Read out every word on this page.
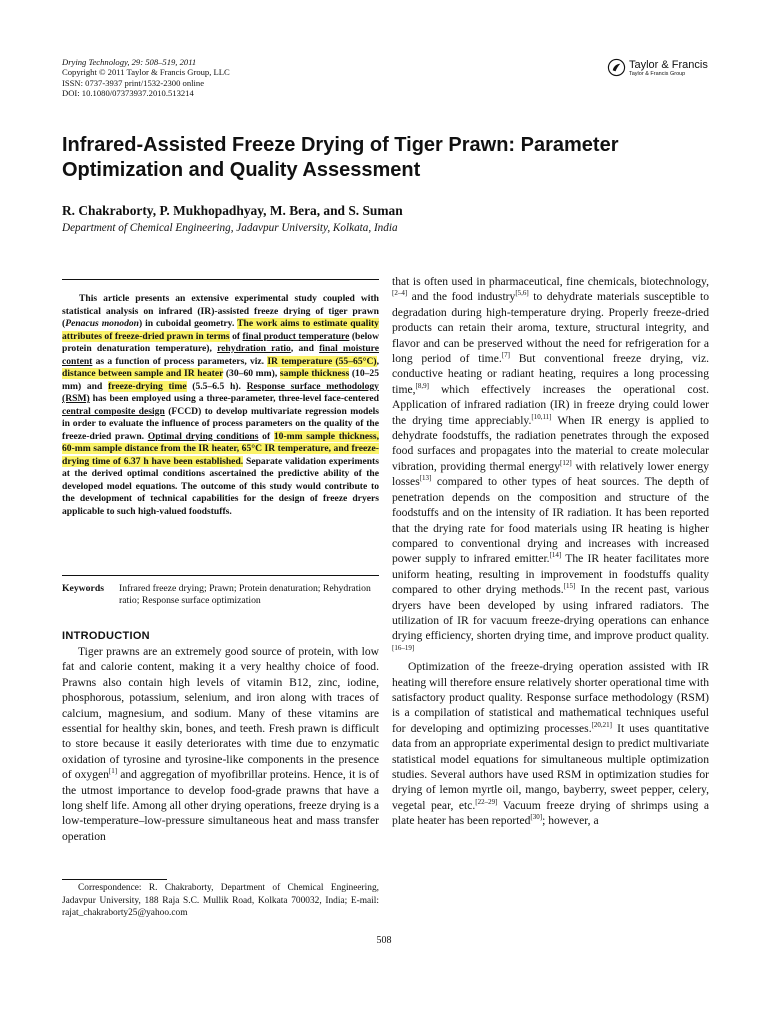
Drying Technology, 29: 508–519, 2011
Copyright © 2011 Taylor & Francis Group, LLC
ISSN: 0737-3937 print/1532-2300 online
DOI: 10.1080/07373937.2010.513214
Taylor & Francis
Taylor & Francis Group
Infrared-Assisted Freeze Drying of Tiger Prawn: Parameter Optimization and Quality Assessment
R. Chakraborty, P. Mukhopadhyay, M. Bera, and S. Suman
Department of Chemical Engineering, Jadavpur University, Kolkata, India
This article presents an extensive experimental study coupled with statistical analysis on infrared (IR)-assisted freeze drying of tiger prawn (Penacus monodon) in cuboidal geometry. The work aims to estimate quality attributes of freeze-dried prawn in terms of final product temperature (below protein denaturation temperature), rehydration ratio, and final moisture content as a function of process parameters, viz. IR temperature (55–65°C), distance between sample and IR heater (30–60 mm), sample thickness (10–25 mm) and freeze-drying time (5.5–6.5 h). Response surface methodology (RSM) has been employed using a three-parameter, three-level face-centered central composite design (FCCD) to develop multivariate regression models in order to evaluate the influence of process parameters on the quality of the freeze-dried prawn. Optimal drying conditions of 10-mm sample thickness, 60-mm sample distance from the IR heater, 65°C IR temperature, and freeze-drying time of 6.37 h have been established. Separate validation experiments at the derived optimal conditions ascertained the predictive ability of the developed model equations. The outcome of this study would contribute to the development of technical capabilities for the design of freeze dryers applicable to such high-valued foodstuffs.
Keywords Infrared freeze drying; Prawn; Protein denaturation; Rehydration ratio; Response surface optimization
INTRODUCTION

Tiger prawns are an extremely good source of protein, with low fat and calorie content, making it a very healthy choice of food. Prawns also contain high levels of vitamin B12, zinc, iodine, phosphorous, potassium, selenium, and iron along with traces of calcium, magnesium, and sodium. Many of these vitamins are essential for healthy skin, bones, and teeth. Fresh prawn is difficult to store because it easily deteriorates with time due to enzymatic oxidation of tyrosine and tyrosine-like components in the presence of oxygen[1] and aggregation of myofibrillar proteins. Hence, it is of the utmost importance to develop food-grade prawns that have a long shelf life. Among all other drying operations, freeze drying is a low-temperature–low-pressure simultaneous heat and mass transfer operation

that is often used in pharmaceutical, fine chemicals, biotechnology,[2–4] and the food industry[5,6] to dehydrate materials susceptible to degradation during high-temperature drying. Properly freeze-dried products can retain their aroma, texture, structural integrity, and flavor and can be preserved without the need for refrigeration for a long period of time.[7] But conventional freeze drying, viz. conductive heating or radiant heating, requires a long processing time,[8,9] which effectively increases the operational cost. Application of infrared radiation (IR) in freeze drying could lower the drying time appreciably.[10,11] When IR energy is applied to dehydrate foodstuffs, the radiation penetrates through the exposed food surfaces and propagates into the material to create molecular vibration, providing thermal energy[12] with relatively lower energy losses[13] compared to other types of heat sources. The depth of penetration depends on the composition and structure of the foodstuffs and on the intensity of IR radiation. It has been reported that the drying rate for food materials using IR heating is higher compared to conventional drying and increases with increased power supply to infrared emitter.[14] The IR heater facilitates more uniform heating, resulting in improvement in foodstuffs quality compared to other drying methods.[15] In the recent past, various dryers have been developed by using infrared radiators. The utilization of IR for vacuum freeze-drying operations can enhance drying efficiency, shorten drying time, and improve product quality.[16–19]

Optimization of the freeze-drying operation assisted with IR heating will therefore ensure relatively shorter operational time with satisfactory product quality. Response surface methodology (RSM) is a compilation of statistical and mathematical techniques useful for developing and optimizing processes.[20,21] It uses quantitative data from an appropriate experimental design to predict multivariate statistical model equations for simultaneous multiple optimization studies. Several authors have used RSM in optimization studies for drying of lemon myrtle oil, mango, bayberry, sweet pepper, celery, vegetal pear, etc.[22–29] Vacuum freeze drying of shrimps using a plate heater has been reported[30]; however, a

Correspondence: R. Chakraborty, Department of Chemical Engineering, Jadavpur University, 188 Raja S.C. Mullik Road, Kolkata 700032, India; E-mail: rajat_chakraborty25@yahoo.com
508
